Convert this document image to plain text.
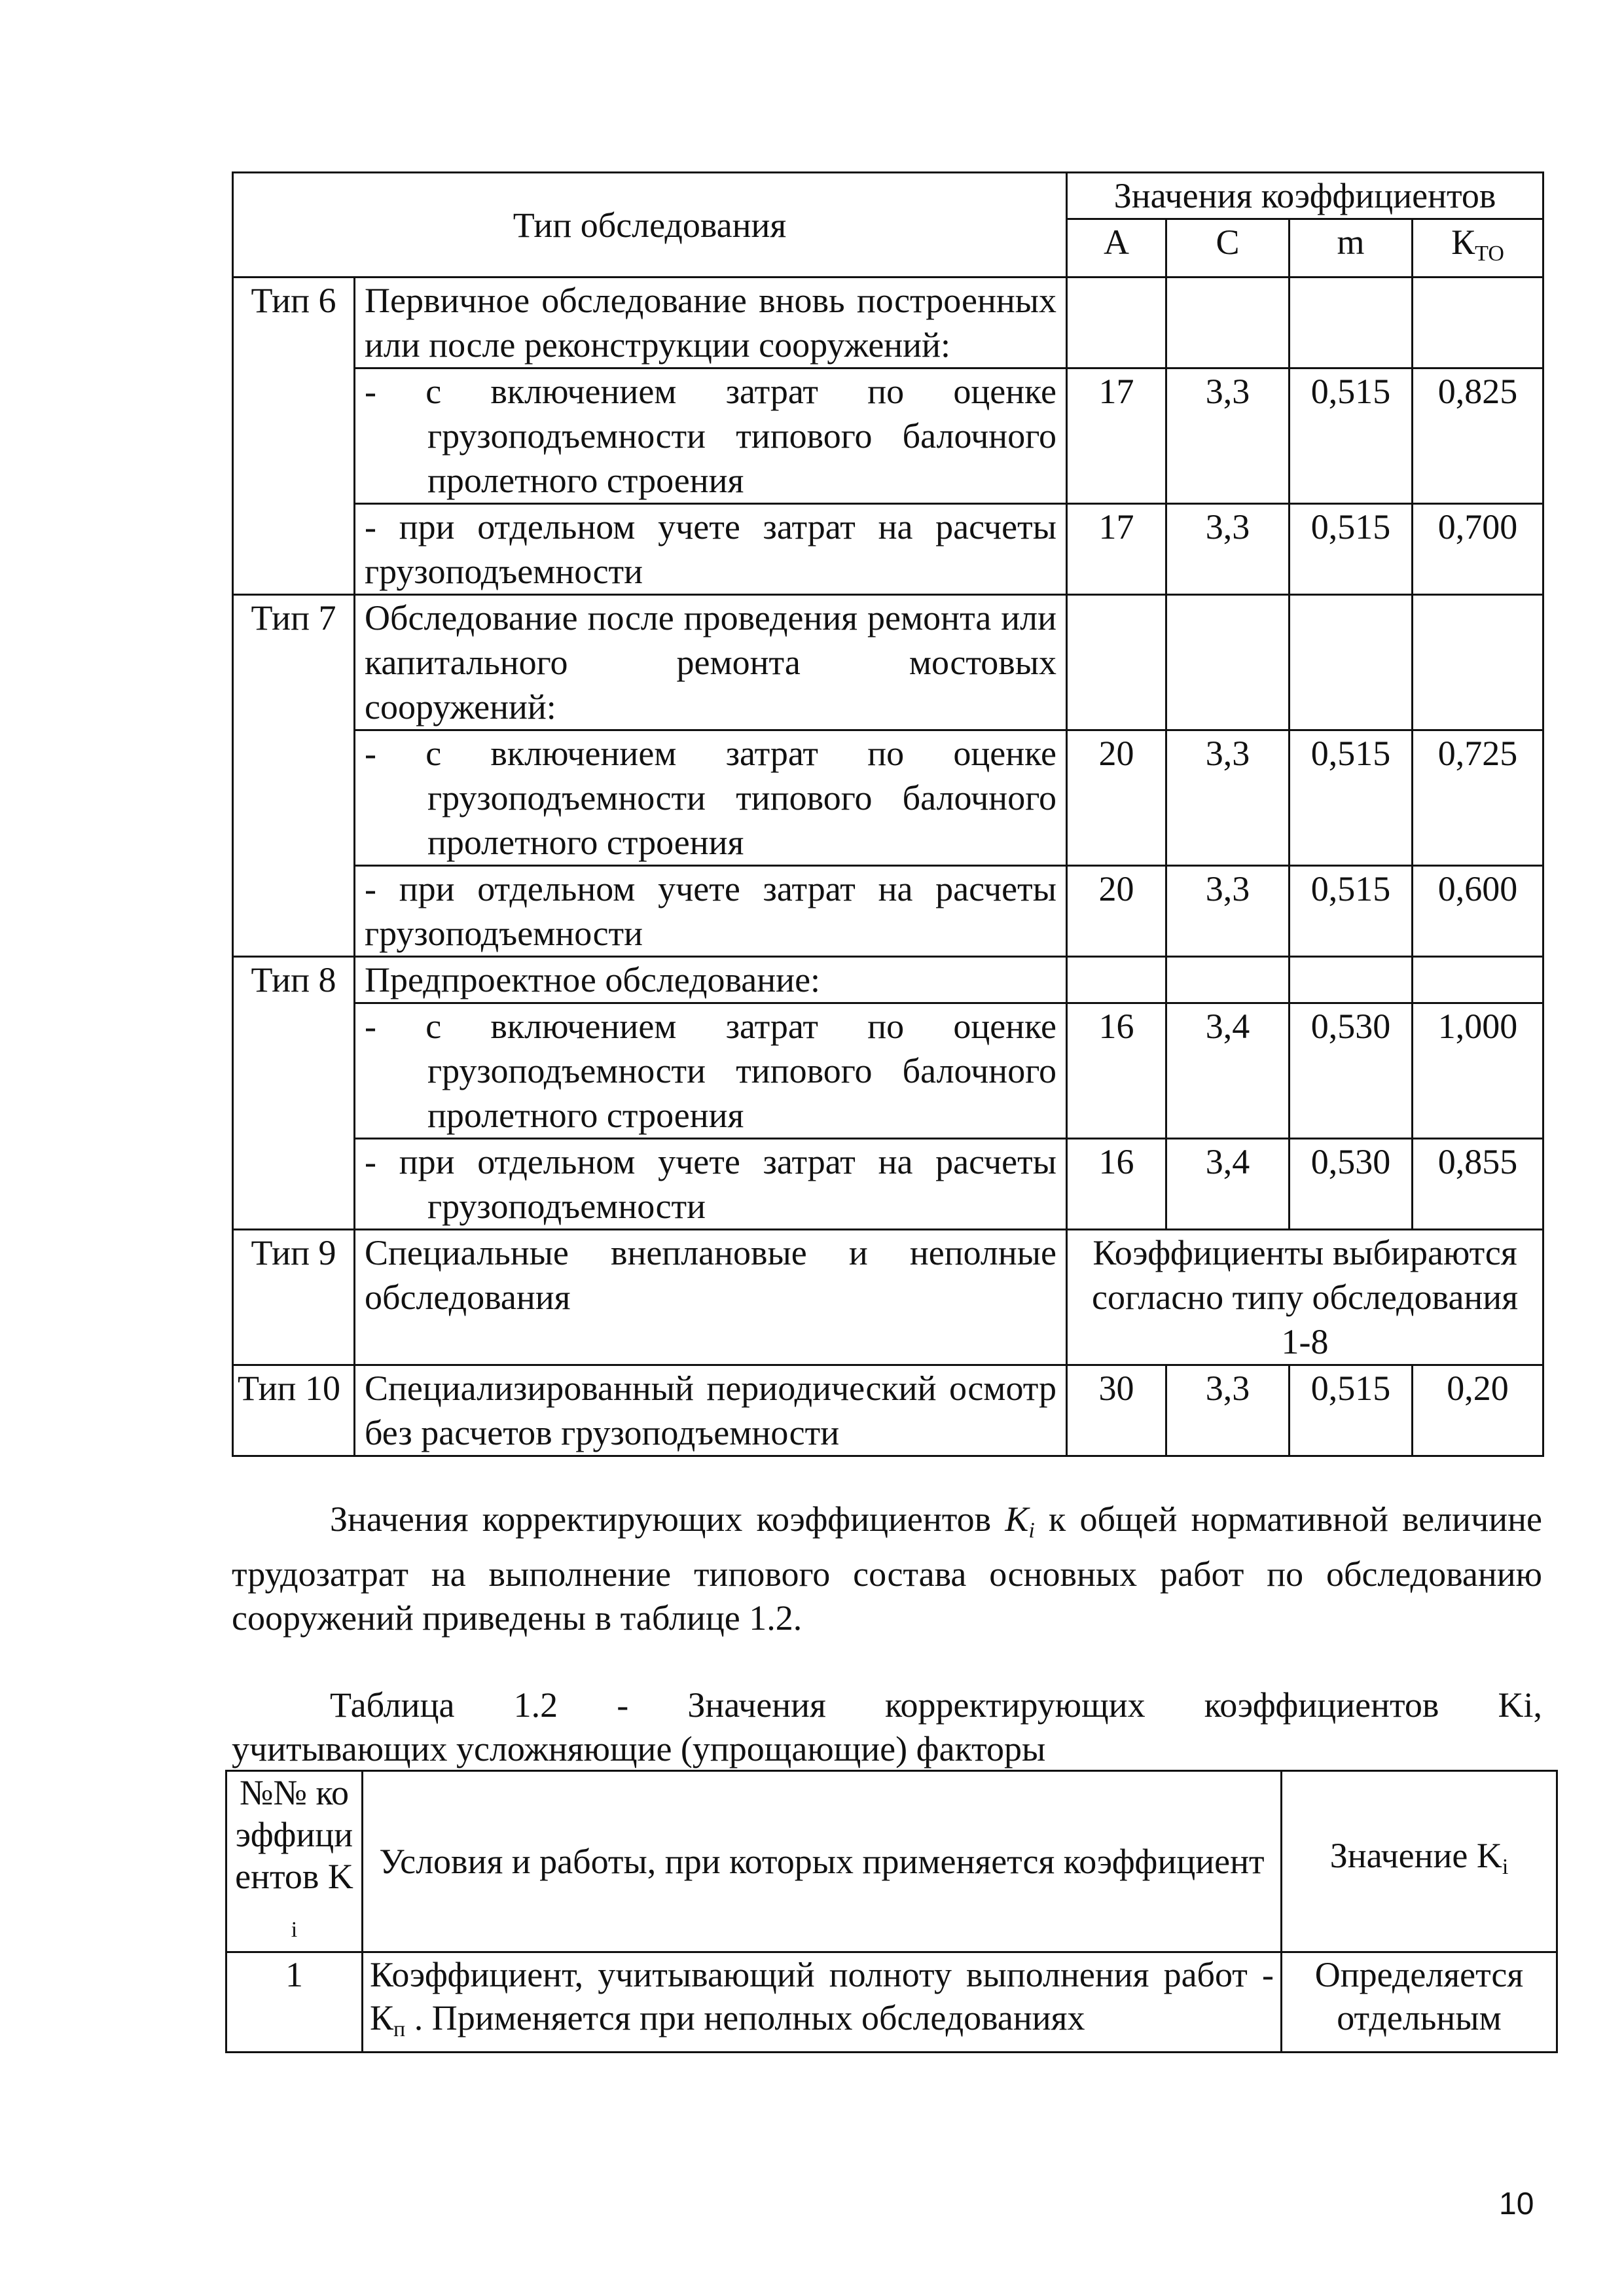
Тип обследования		Значения коэффициентов			
		А	С	m	КТО
Тип 6	Первичное обследование вновь построенных или после реконструкции сооружений:				

	- с включением затрат по оценке грузоподъемности типового балочного пролетного строения	17	3,3	0,515	0,825

	- при отдельном учете затрат на расчеты грузоподъемности	17	3,3	0,515	0,700
Тип 7	Обследование после проведения ремонта или капитального ремонта мостовых сооружений:				

	- с включением затрат по оценке грузоподъемности типового балочного пролетного строения	20	3,3	0,515	0,725

	- при отдельном учете затрат на расчеты грузоподъемности	20	3,3	0,515	0,600
Тип 8	Предпроектное обследование:				

	- с включением затрат по оценке грузоподъемности типового балочного пролетного строения	16	3,4	0,530	1,000

	- при отдельном учете затрат на расчеты грузоподъемности	16	3,4	0,530	0,855
Тип 9	Специальные внеплановые и неполные обследования	Коэффициенты выбираются согласно типу обследования 1-8			
Тип 10	Специализированный периодический осмотр без расчетов грузоподъемности	30	3,3	0,515	0,20
Значения корректирующих коэффициентов Ki к общей нормативной величине трудозатрат на выполнение типового состава основных работ по обследованию сооружений приведены в таблице 1.2.
Таблица 1.2 - Значения корректирующих коэффициентов Ki,
учитывающих усложняющие (упрощающие) факторы
№№ коэффициентов Ki	Условия и работы, при которых применяется коэффициент	Значение Ki
1	Коэффициент, учитывающий полноту выполнения работ - Кп . Применяется при неполных обследованиях	Определяется отдельным
10
